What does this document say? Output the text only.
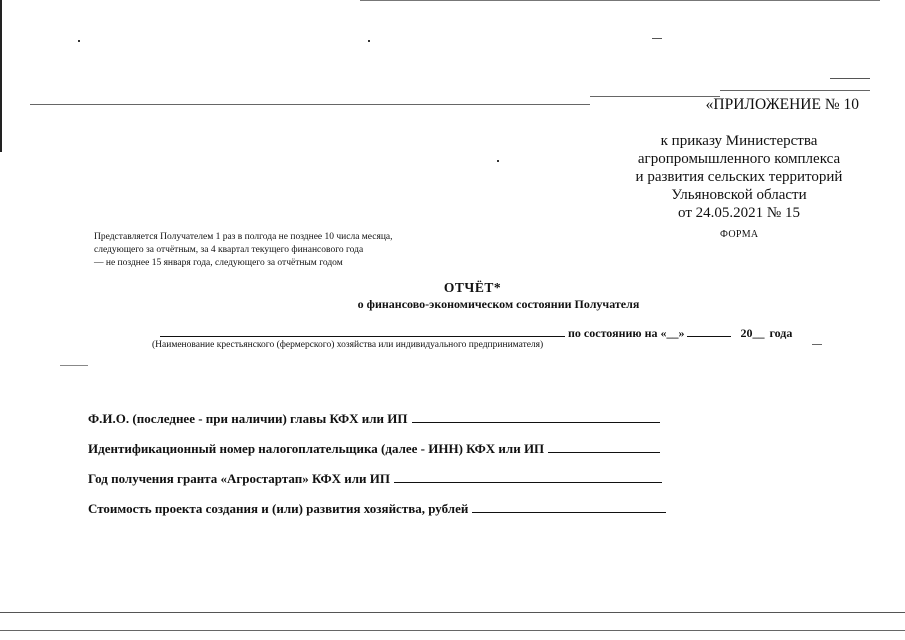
«ПРИЛОЖЕНИЕ № 10
к приказу Министерства
агропромышленного комплекса
и развития сельских территорий
Ульяновской области
от 24.05.2021 № 15
ФОРМА
Представляется Получателем 1 раз в полгода не позднее 10 числа месяца,
следующего за отчётным, за 4 квартал текущего финансового года
— не позднее 15 января года, следующего за отчётным годом
ОТЧЁТ*
о финансово-экономическом состоянии Получателя
по состоянию на «__»	20__ года
(Наименование крестьянского (фермерского) хозяйства или индивидуального предпринимателя)
Ф.И.О. (последнее - при наличии) главы КФХ или ИП
Идентификационный номер налогоплательщика (далее - ИНН) КФХ или ИП
Год получения гранта «Агростартап» КФХ или ИП
Стоимость проекта создания и (или) развития хозяйства, рублей
